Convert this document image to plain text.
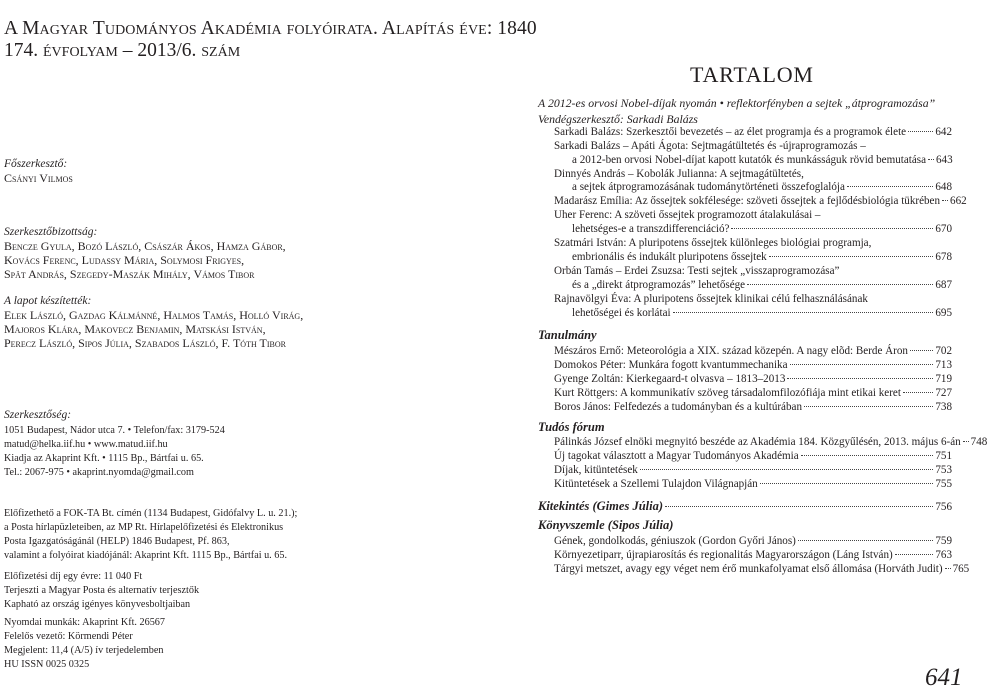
A Magyar Tudományos Akadémia folyóirata. Alapítás éve: 1840
174. évfolyam – 2013/6. szám
Főszerkesztő:
Csányi Vilmos
Szerkesztőbizottság:
Bencze Gyula, Bozó László, Császár Ákos, Hamza Gábor,
Kovács Ferenc, Ludassy Mária, Solymosi Frigyes,
Spät András, Szegedy-Maszák Mihály, Vámos Tibor
A lapot készítették:
Elek László, Gazdag Kálmánné, Halmos Tamás, Holló Virág,
Majoros Klára, Makovecz Benjamin, Matskási István,
Perecz László, Sipos Júlia, Szabados László, F. Tóth Tibor
Szerkesztőség:
1051 Budapest, Nádor utca 7. • Telefon/fax: 3179-524
matud@helka.iif.hu • www.matud.iif.hu
Kiadja az Akaprint Kft. • 1115 Bp., Bártfai u. 65.
Tel.: 2067-975 • akaprint.nyomda@gmail.com
Előfizethető a FOK-TA Bt. címén (1134 Budapest, Gidófalvy L. u. 21.);
a Posta hírlapüzleteiben, az MP Rt. Hírlapelőfizetési és Elektronikus
Posta Igazgatóságánál (HELP) 1846 Budapest, Pf. 863,
valamint a folyóirat kiadójánál: Akaprint Kft. 1115 Bp., Bártfai u. 65.
Előfizetési díj egy évre: 11 040 Ft
Terjeszti a Magyar Posta és alternatív terjesztők
Kapható az ország igényes könyvesboltjaiban
Nyomdai munkák: Akaprint Kft. 26567
Felelős vezető: Körmendi Péter
Megjelent: 11,4 (A/5) ív terjedelemben
HU ISSN 0025 0325
TARTALOM
A 2012-es orvosi Nobel-díjak nyomán • reflektorfényben a sejtek „átprogramozása”
Vendégszerkesztő: Sarkadi Balázs
Sarkadi Balázs: Szerkesztői bevezetés – az élet programja és a programok élete	642
Sarkadi Balázs – Apáti Ágota: Sejtmagátültetés és -újraprogramozás –
a 2012-ben orvosi Nobel-díjat kapott kutatók és munkásságuk rövid bemutatása 643
Dinnyés András – Kobolák Julianna: A sejtmagátültetés,
a sejtek átprogramozásának tudománytörténeti összefoglalója	648
Madarász Emília: Az őssejtek sokfélesége: szöveti őssejtek a fejlődésbiológia tükrében 662
Uher Ferenc: A szöveti őssejtek programozott átalakulásai –
lehetséges-e a transzdifferenciáció?	670
Szatmári István: A pluripotens őssejtek különleges biológiai programja,
embrionális és indukált pluripotens őssejtek	678
Orbán Tamás – Erdei Zsuzsa: Testi sejtek „visszaprogramozása”
és a „direkt átprogramozás” lehetősége	687
Rajnavölgyi Éva: A pluripotens őssejtek klinikai célú felhasználásának
lehetőségei és korlátai	695
Tanulmány
Mészáros Ernő: Meteorológia a XIX. század közepén. A nagy elõd: Berde Áron 702
Domokos Péter: Munkára fogott kvantummechanika	713
Gyenge Zoltán: Kierkegaard-t olvasva – 1813–2013	719
Kurt Röttgers: A kommunikatív szöveg társadalomfilozófiája mint etikai keret	727
Boros János: Felfedezés a tudományban és a kultúrában	738
Tudós fórum
Pálinkás József elnöki megnyitó beszéde az Akadémia 184. Közgyűlésén, 2013. május 6-án 748
Új tagokat választott a Magyar Tudományos Akadémia	751
Díjak, kitüntetések	753
Kitüntetések a Szellemi Tulajdon Világnapján	755
Kitekintés (Gimes Júlia)	756
Könyvszemle (Sipos Júlia)
Gének, gondolkodás, géniuszok (Gordon Győri János)	759
Környezetiparr, újrapiarosítás és regionalitás Magyarországon (Láng István)	763
Tárgyi metszet, avagy egy véget nem érő munkafolyamat első állomása (Horváth Judit) 765
641
